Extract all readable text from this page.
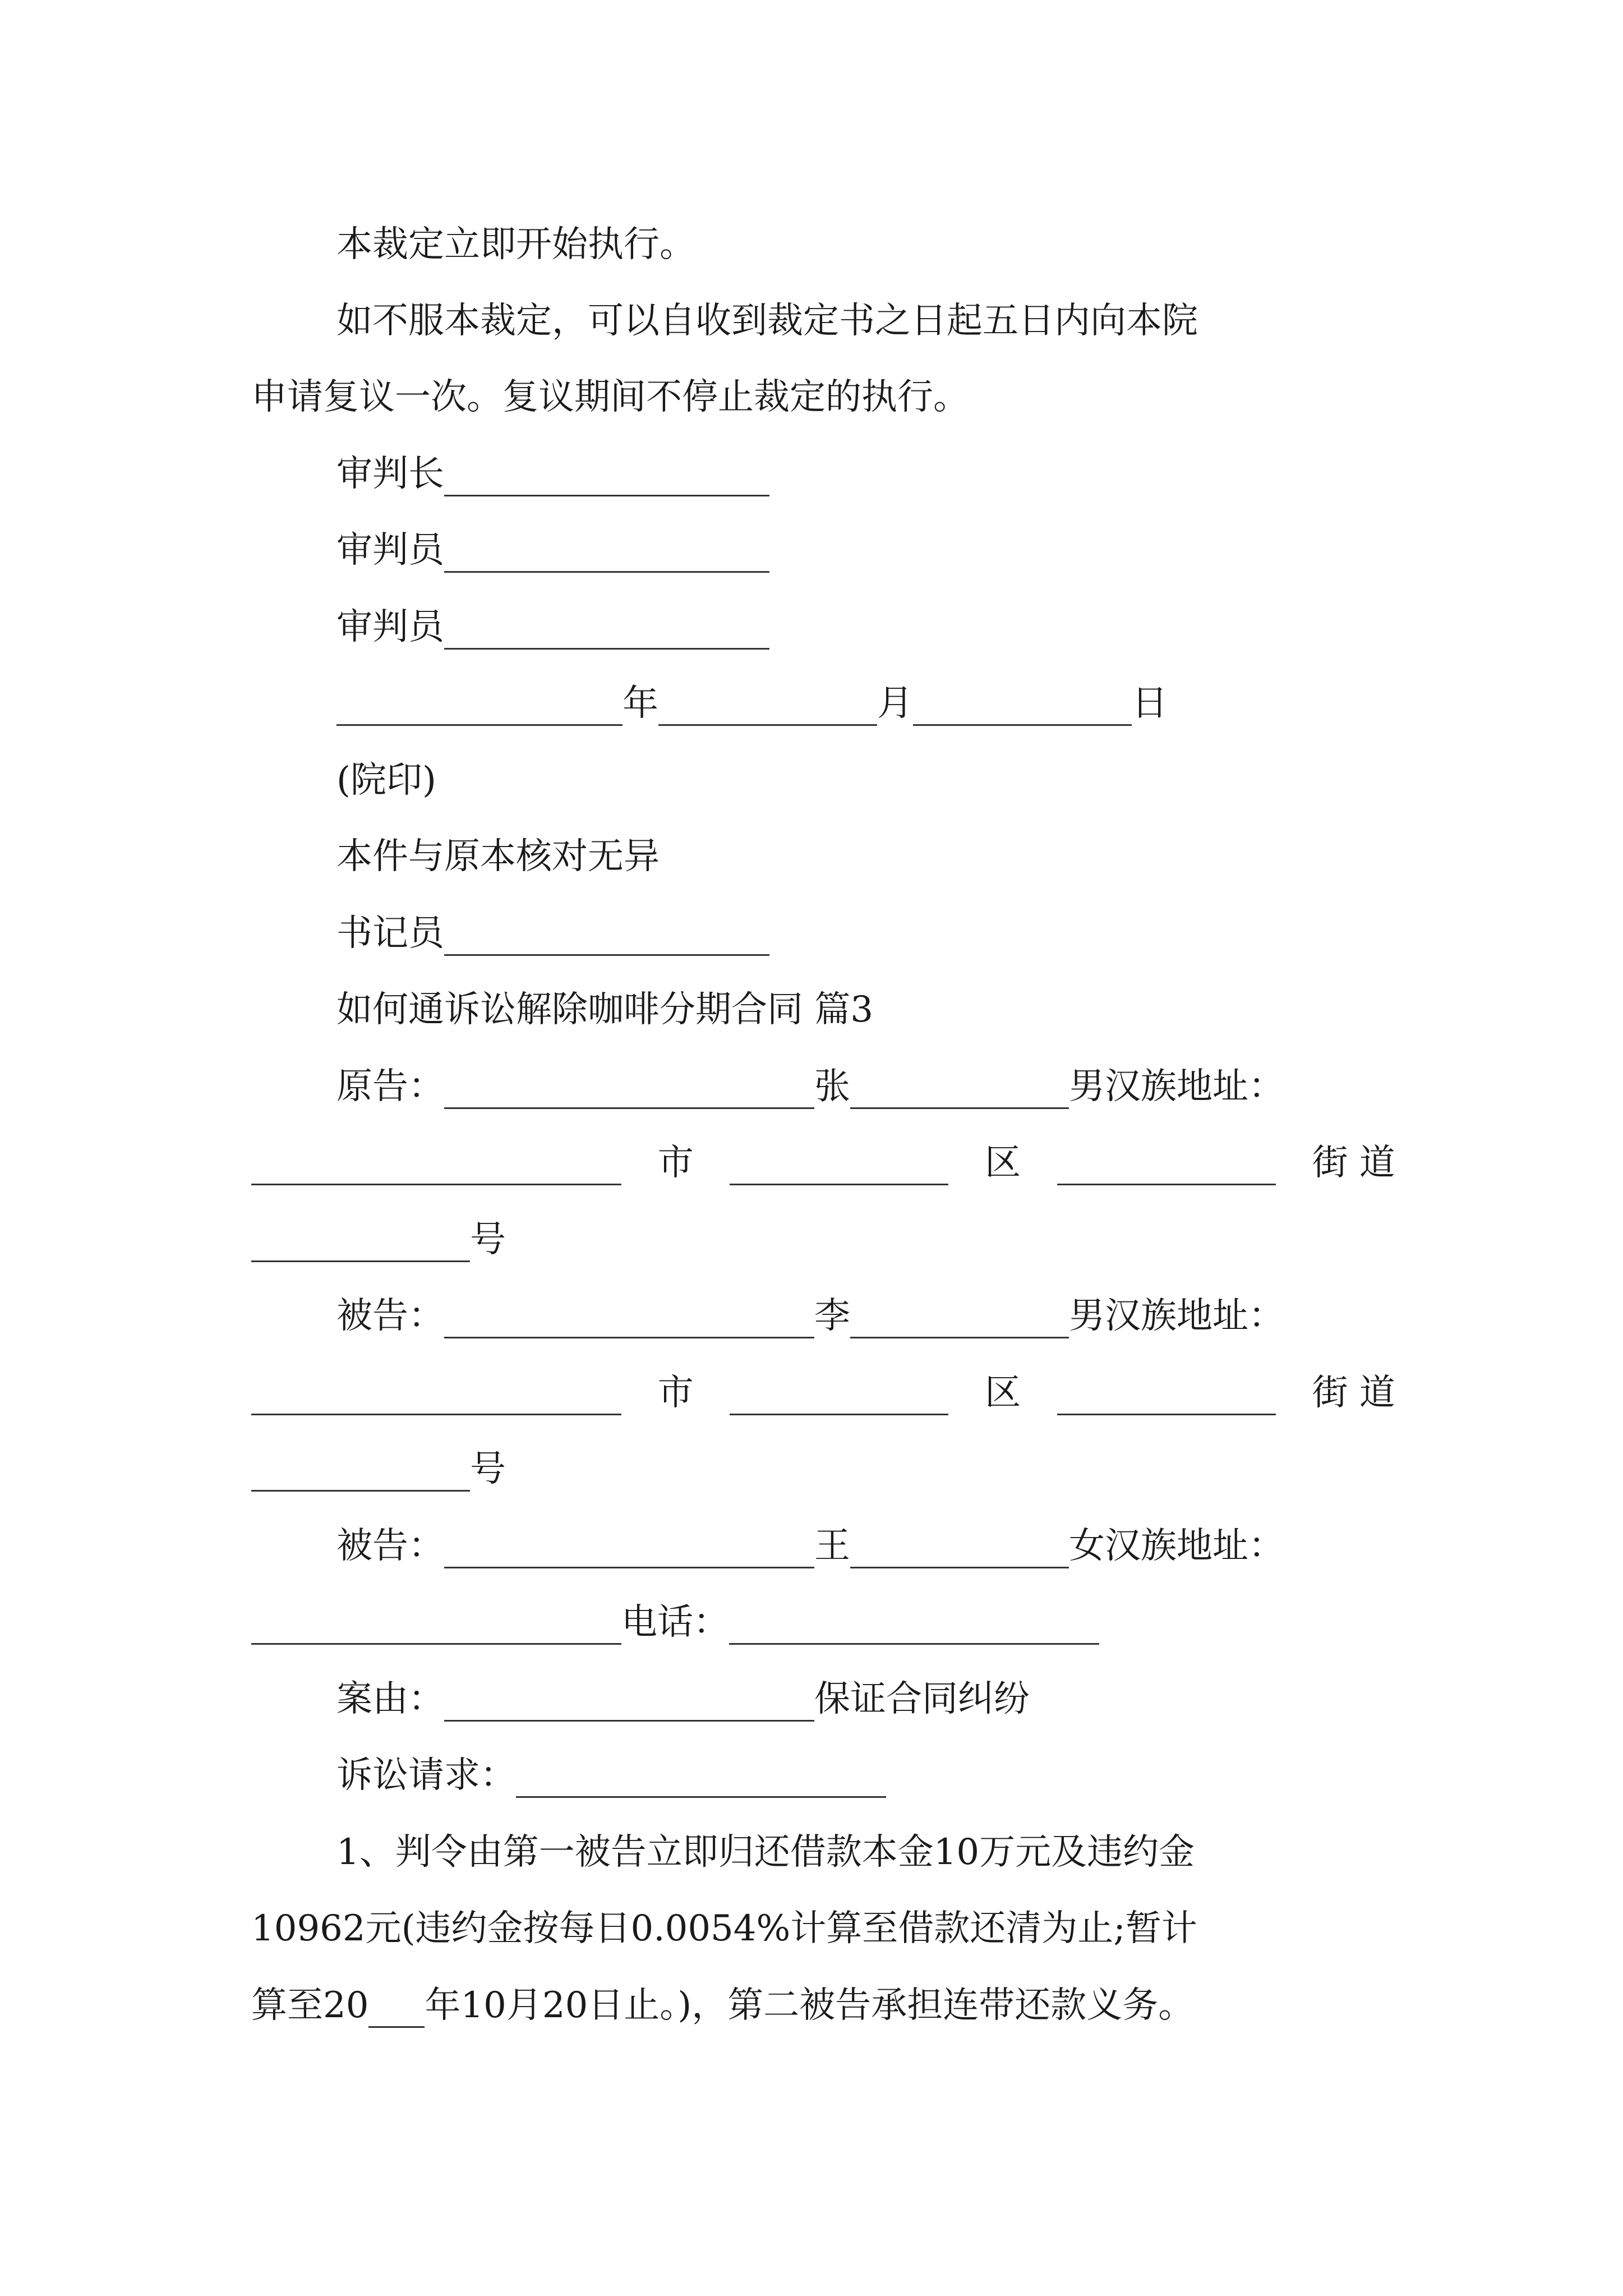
本裁定立即开始执行。
如不服本裁定，可以自收到裁定书之日起五日内向本院
申请复议一次。复议期间不停止裁定的执行。
审判长
审判员
审判员
年	月	日
(院印)
本件与原本核对无异
书记员
如何通诉讼解除咖啡分期合同 篇3
原告：	张	男汉族地址：
市	区	街 道
号
被告：	李	男汉族地址：
市	区	街 道
号
被告：	王	女汉族地址：
电话：
案由：	保证合同纠纷
诉讼请求：
1、判令由第一被告立即归还借款本金10万元及违约金
10962元(违约金按每日0.0054%计算至借款还清为止;暂计
算至20 年10月20日止。)，第二被告承担连带还款义务。
